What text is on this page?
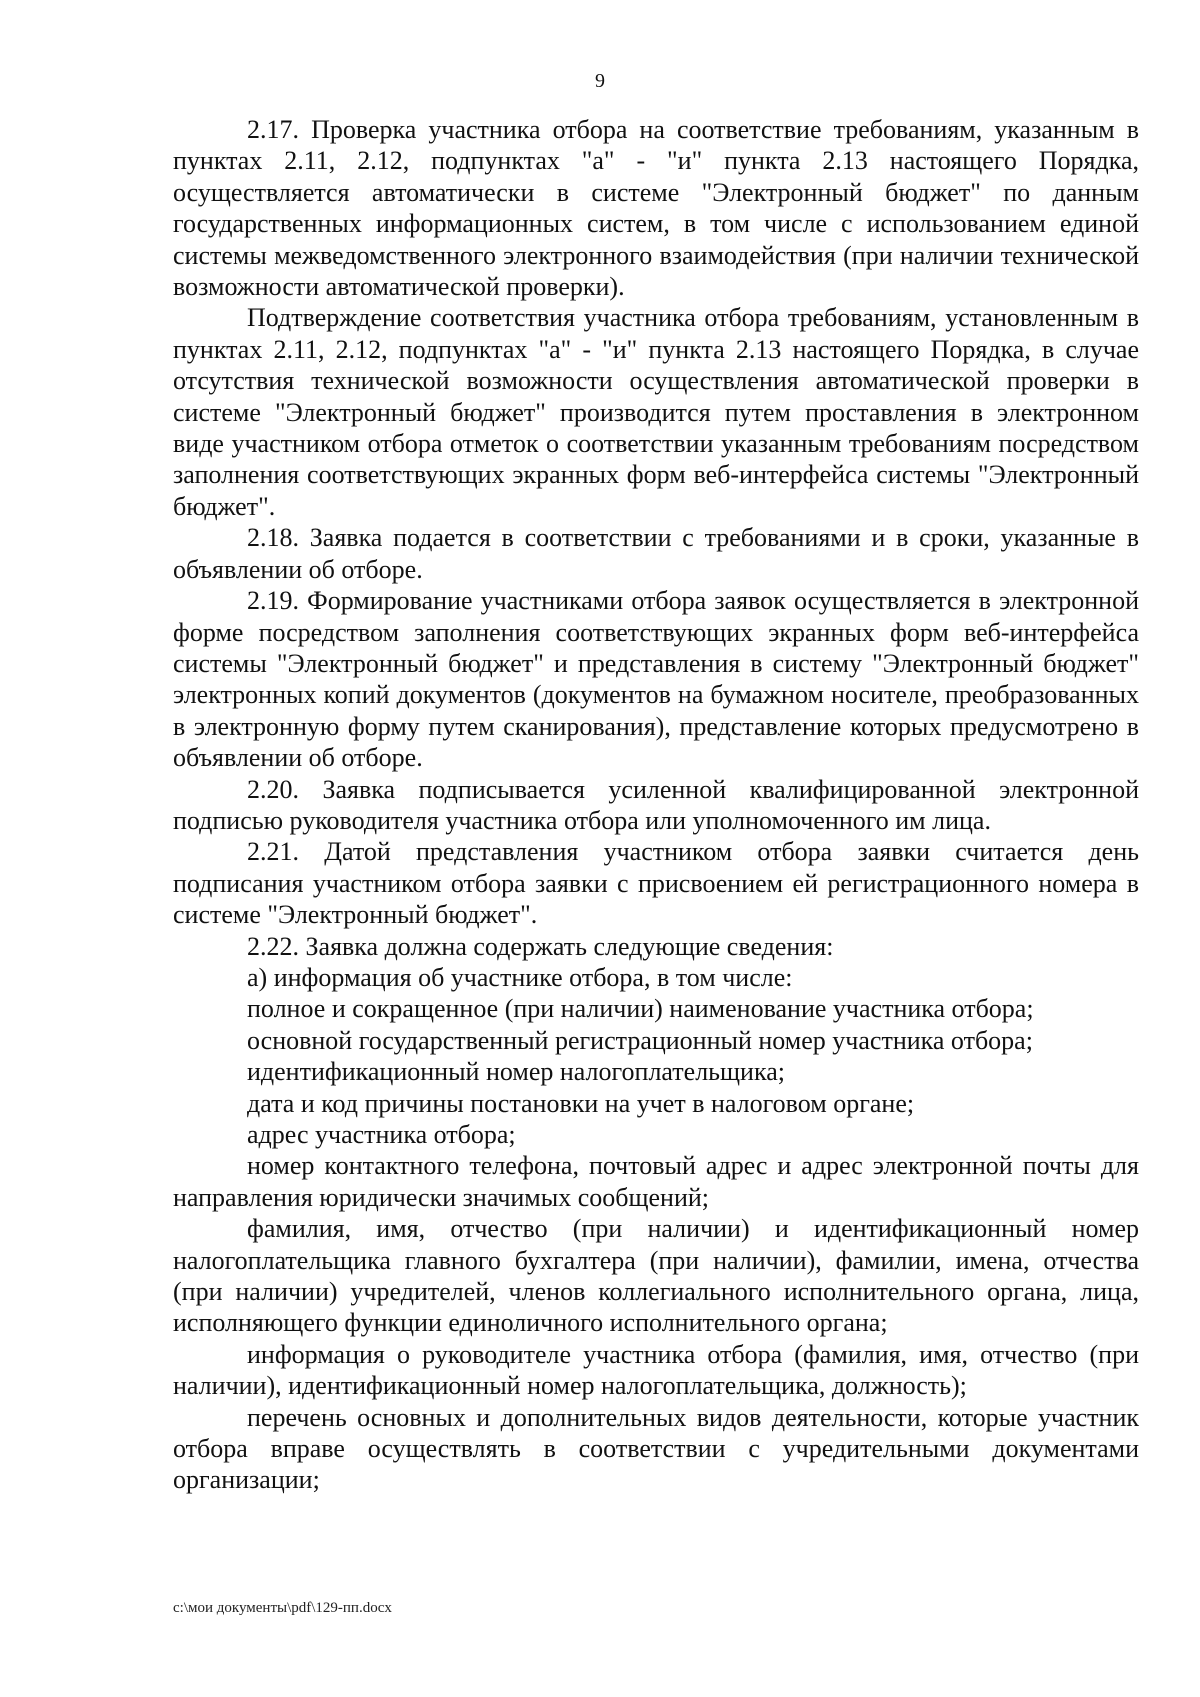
9

2.17. Проверка участника отбора на соответствие требованиям, указанным в пунктах 2.11, 2.12, подпунктах "а" - "и" пункта 2.13 настоящего Порядка, осуществляется автоматически в системе "Электронный бюджет" по данным государственных информационных систем, в том числе с использованием единой системы межведомственного электронного взаимодействия (при наличии технической возможности автоматической проверки).

Подтверждение соответствия участника отбора требованиям, установленным в пунктах 2.11, 2.12, подпунктах "а" - "и" пункта 2.13 настоящего Порядка, в случае отсутствия технической возможности осуществления автоматической проверки в системе "Электронный бюджет" производится путем проставления в электронном виде участником отбора отметок о соответствии указанным требованиям посредством заполнения соответствующих экранных форм веб-интерфейса системы "Электронный бюджет".

2.18. Заявка подается в соответствии с требованиями и в сроки, указанные в объявлении об отборе.

2.19. Формирование участниками отбора заявок осуществляется в электронной форме посредством заполнения соответствующих экранных форм веб-интерфейса системы "Электронный бюджет" и представления в систему "Электронный бюджет" электронных копий документов (документов на бумажном носителе, преобразованных в электронную форму путем сканирования), представление которых предусмотрено в объявлении об отборе.

2.20. Заявка подписывается усиленной квалифицированной электронной подписью руководителя участника отбора или уполномоченного им лица.

2.21. Датой представления участником отбора заявки считается день подписания участником отбора заявки с присвоением ей регистрационного номера в системе "Электронный бюджет".

2.22. Заявка должна содержать следующие сведения:

а) информация об участнике отбора, в том числе:

полное и сокращенное (при наличии) наименование участника отбора;

основной государственный регистрационный номер участника отбора;

идентификационный номер налогоплательщика;

дата и код причины постановки на учет в налоговом органе;

адрес участника отбора;

номер контактного телефона, почтовый адрес и адрес электронной почты для направления юридически значимых сообщений;

фамилия, имя, отчество (при наличии) и идентификационный номер налогоплательщика главного бухгалтера (при наличии), фамилии, имена, отчества (при наличии) учредителей, членов коллегиального исполнительного органа, лица, исполняющего функции единоличного исполнительного органа;

информация о руководителе участника отбора (фамилия, имя, отчество (при наличии), идентификационный номер налогоплательщика, должность);

перечень основных и дополнительных видов деятельности, которые участник отбора вправе осуществлять в соответствии с учредительными документами организации;

c:\мои документы\pdf\129-пп.docx
